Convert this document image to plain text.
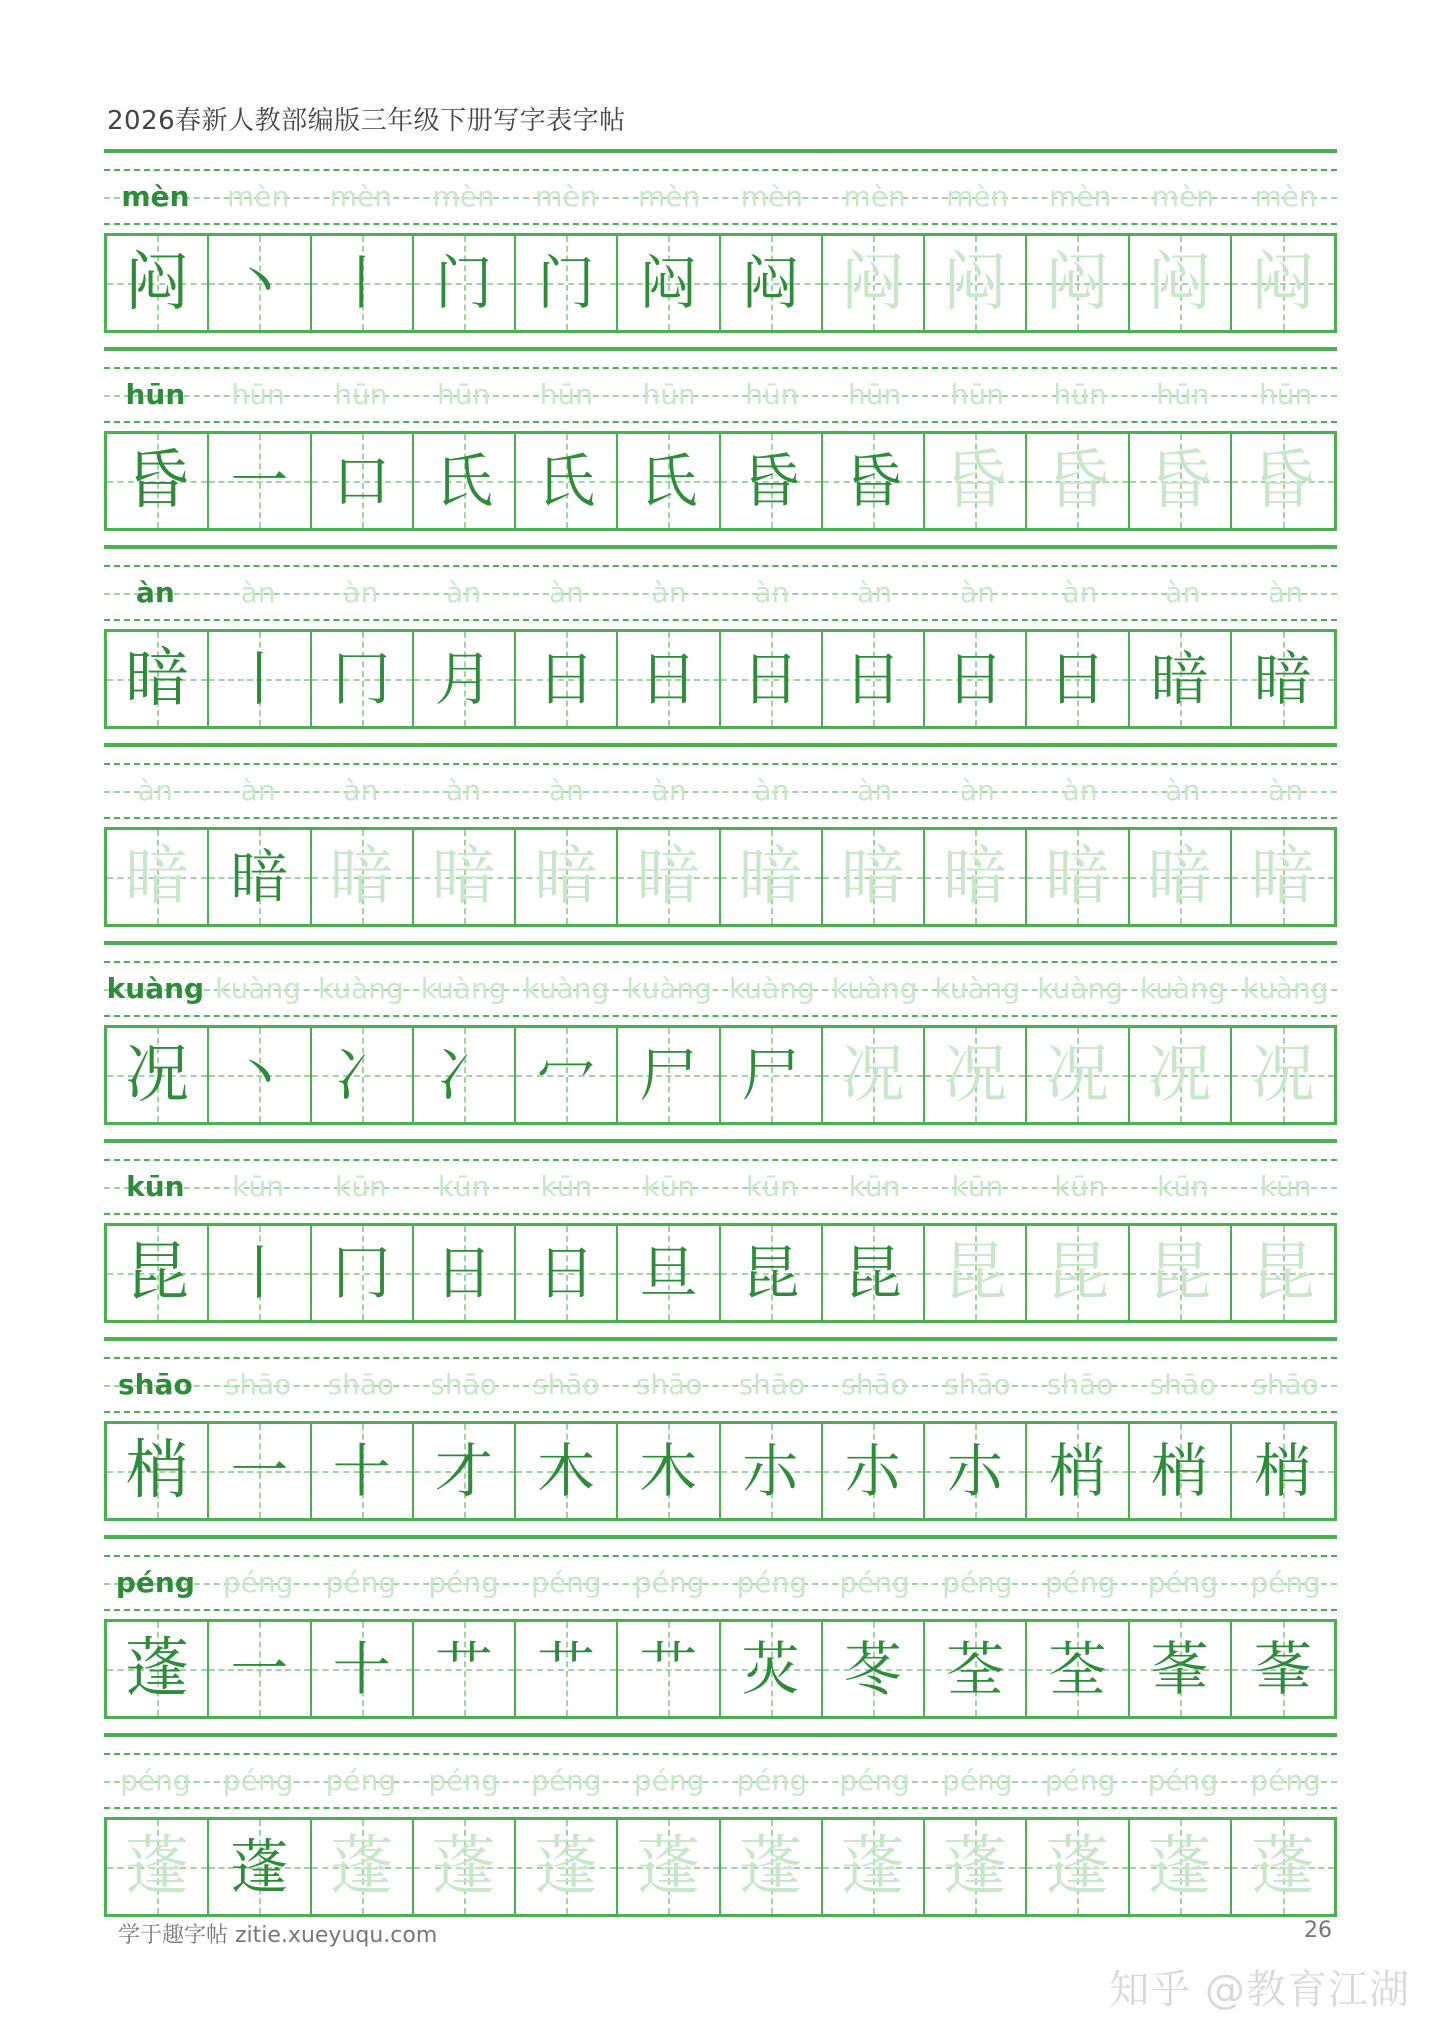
2026春新人教部编版三年级下册写字表字帖
mèn	mèn	mèn	mèn	mèn	mèn	mèn	mèn	mèn	mèn	mèn	mèn
闷 丶 丨 门 门 闷 闷 闷 闷 闷 闷 闷
hūn	hūn	hūn	hūn	hūn	hūn	hūn	hūn	hūn	hūn	hūn	hūn
昏 一 口 氏 氏 氏 昏 昏 昏 昏 昏 昏
àn	àn	àn	àn	àn	àn	àn	àn	àn	àn	àn	àn
暗 丨 冂 月 日 日 日 日 日 日 暗 暗
àn	àn	àn	àn	àn	àn	àn	àn	àn	àn	àn	àn
暗 暗 暗 暗 暗 暗 暗 暗 暗 暗 暗 暗
kuàng kuàng kuàng kuàng kuàng kuàng kuàng kuàng kuàng kuàng kuàng kuàng
况 丶 冫 冫 冖 尸 尸 况 况 况 况 况
kūn	kūn	kūn	kūn	kūn	kūn	kūn	kūn	kūn	kūn	kūn	kūn
昆 丨 冂 日 日 旦 昆 昆 昆 昆 昆 昆
shāo	shāo	shāo	shāo	shāo	shāo	shāo	shāo	shāo	shāo	shāo	shāo
梢 一 十 才 木 木 朩 朩 朩 梢 梢 梢
péng péng	péng	péng	péng	péng	péng	péng	péng	péng	péng	péng
蓬 一 十 艹 艹 艹 苂 苳 荃 荃 莑 莑
péng	péng	péng	péng	péng	péng	péng	péng	péng	péng	péng	péng
蓬 蓬 蓬 蓬 蓬 蓬 蓬 蓬 蓬 蓬 蓬 蓬
学于趣字帖 zitie.xueyuqu.com	26
知乎 @教育江湖
